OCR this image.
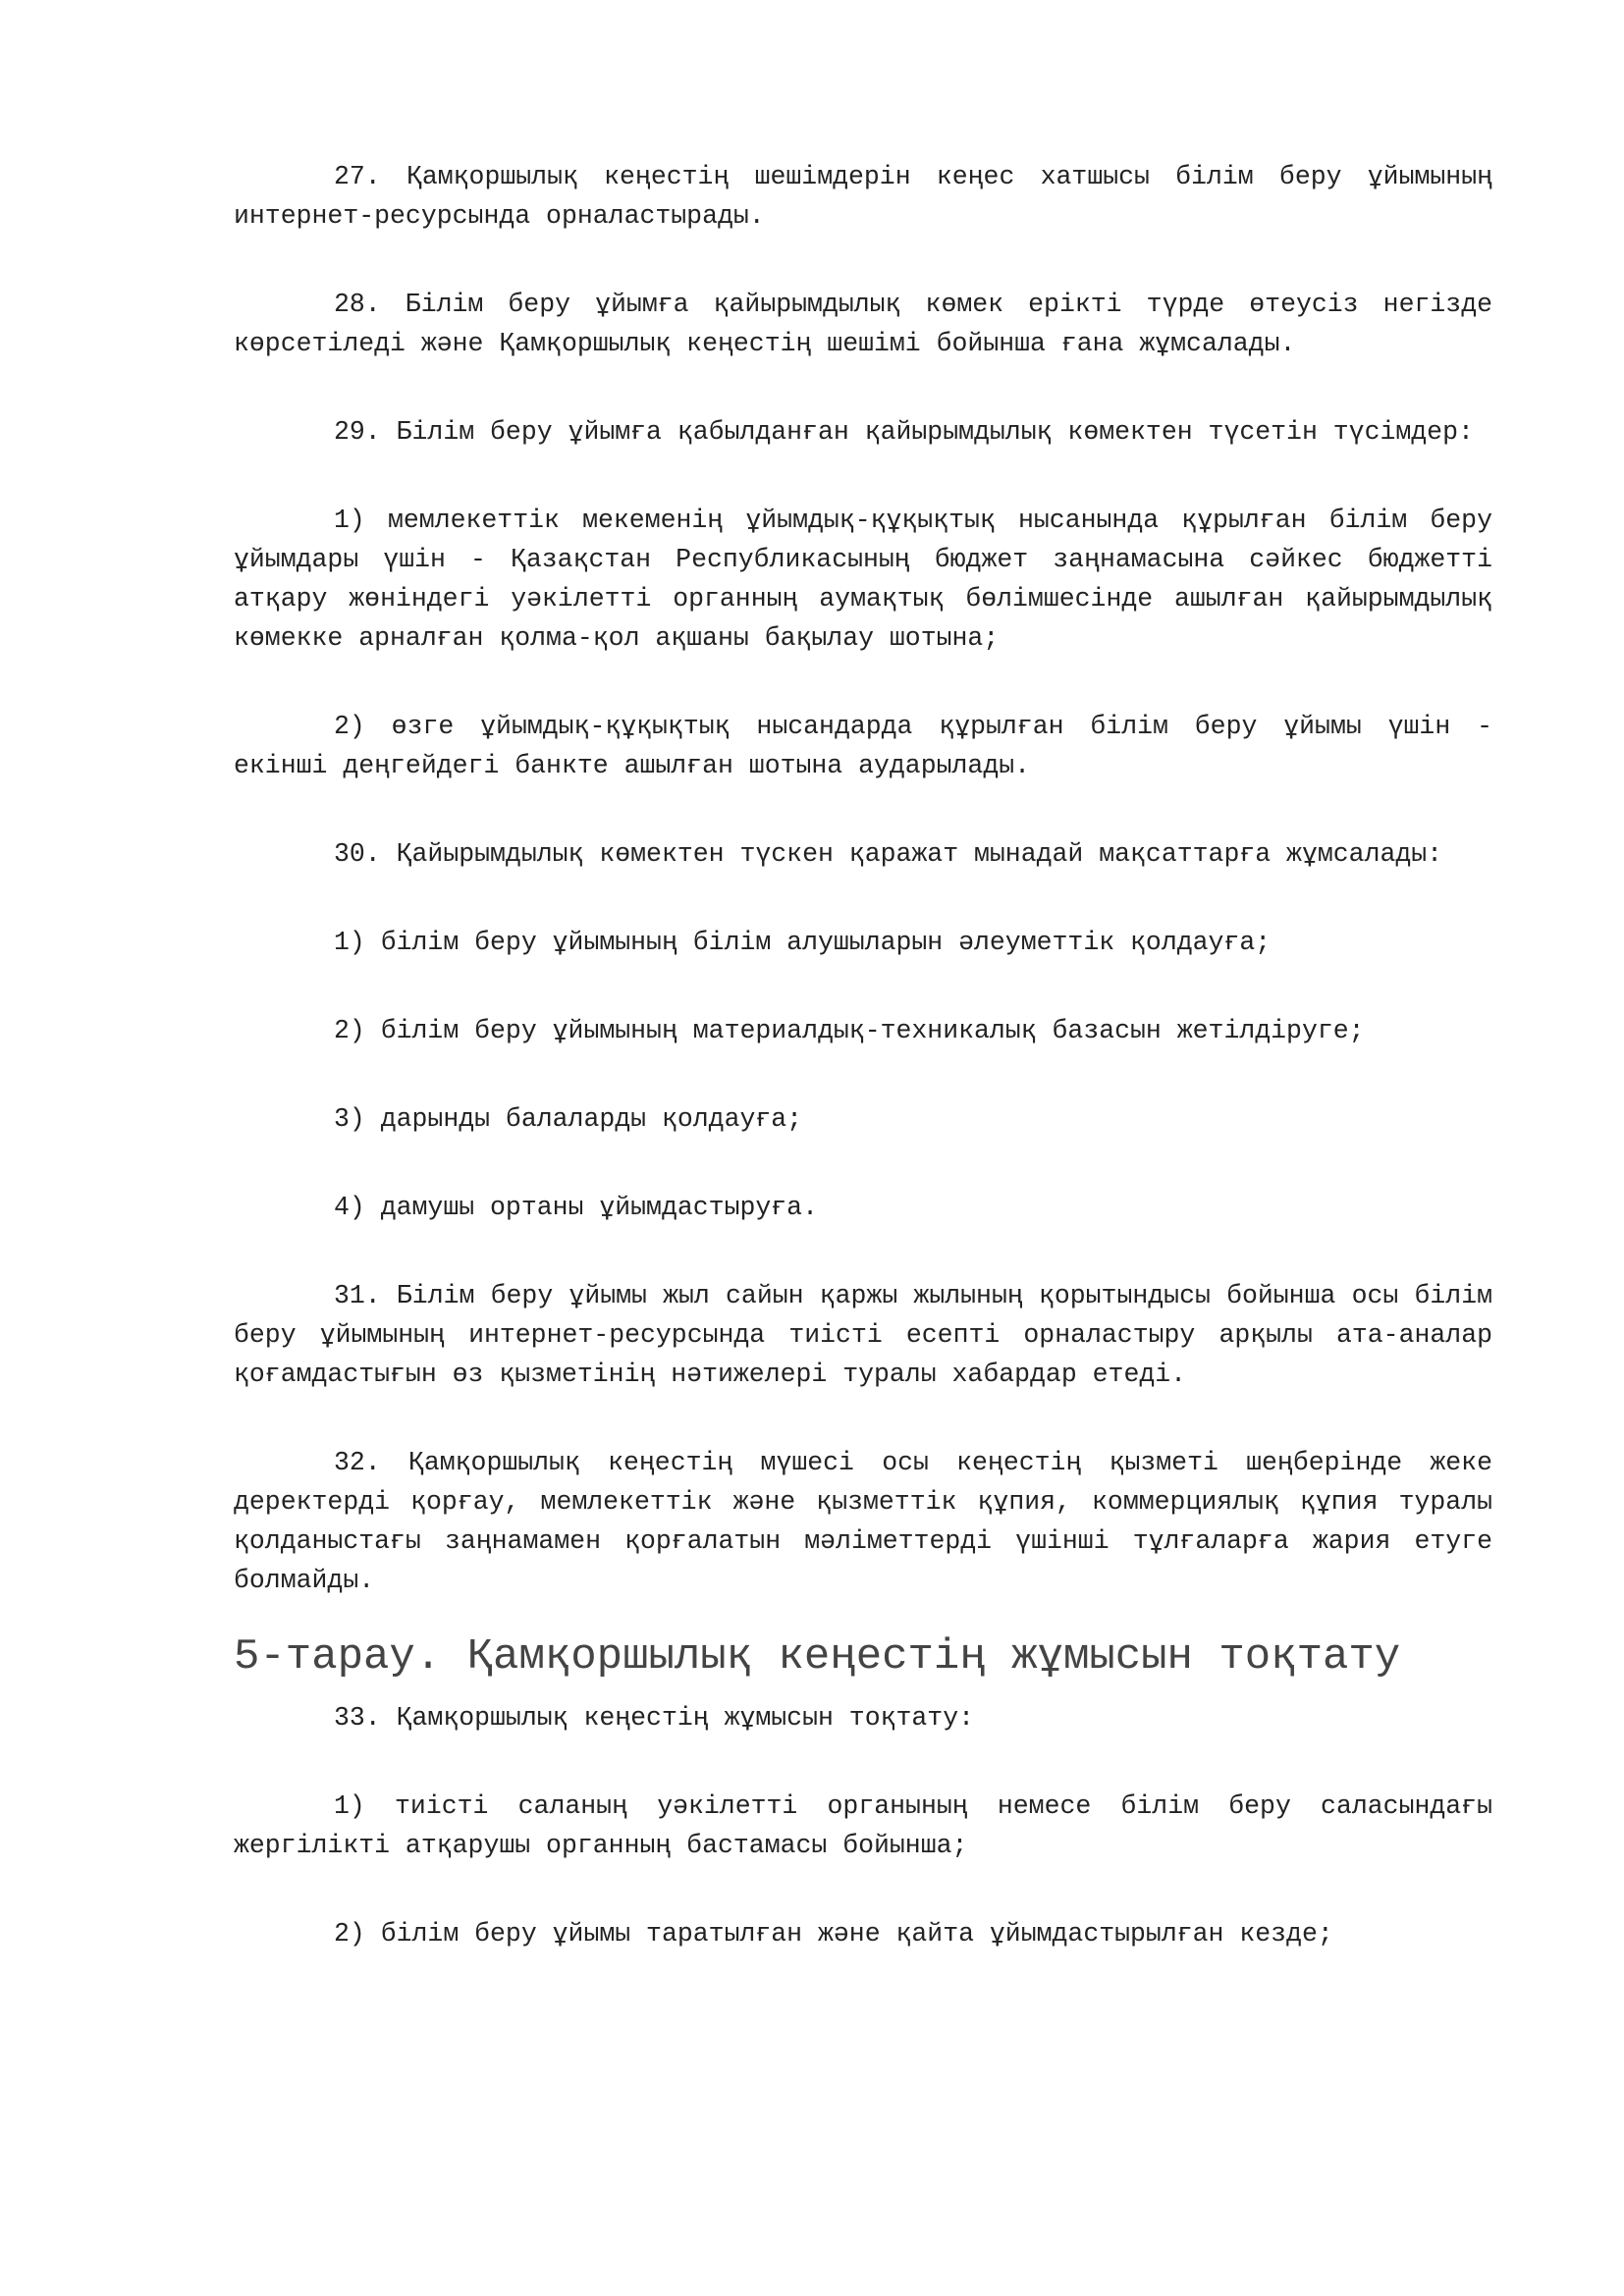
27. Қамқоршылық кеңестің шешімдерін кеңес хатшысы білім беру ұйымының интернет-ресурсында орналастырады.

28. Білім беру ұйымға қайырымдылық көмек ерікті түрде өтеусіз негізде көрсетіледі және Қамқоршылық кеңестің шешімі бойынша ғана жұмсалады.

29. Білім беру ұйымға қабылданған қайырымдылық көмектен түсетін түсімдер:

1) мемлекеттік мекеменің ұйымдық-құқықтық нысанында құрылған білім беру ұйымдары үшін - Қазақстан Республикасының бюджет заңнамасына сәйкес бюджетті атқару жөніндегі уәкілетті органның аумақтық бөлімшесінде ашылған қайырымдылық көмекке арналған қолма-қол ақшаны бақылау шотына;

2) өзге ұйымдық-құқықтық нысандарда құрылған білім беру ұйымы үшін - екінші деңгейдегі банкте ашылған шотына аударылады.

30. Қайырымдылық көмектен түскен қаражат мынадай мақсаттарға жұмсалады:

1) білім беру ұйымының білім алушыларын әлеуметтік қолдауға;

2) білім беру ұйымының материалдық-техникалық базасын жетілдіруге;

3) дарынды балаларды қолдауға;

4) дамушы ортаны ұйымдастыруға.

31. Білім беру ұйымы жыл сайын қаржы жылының қорытындысы бойынша осы білім беру ұйымының интернет-ресурсында тиісті есепті орналастыру арқылы ата-аналар қоғамдастығын өз қызметінің нәтижелері туралы хабардар етеді.

32. Қамқоршылық кеңестің мүшесі осы кеңестің қызметі шеңберінде жеке деректерді қорғау, мемлекеттік және қызметтік құпия, коммерциялық құпия туралы қолданыстағы заңнамамен қорғалатын мәліметтерді үшінші тұлғаларға жария етуге болмайды.

5-тарау. Қамқоршылық кеңестің жұмысын тоқтату

33. Қамқоршылық кеңестің жұмысын тоқтату:

1) тиісті саланың уәкілетті органының немесе білім беру саласындағы жергілікті атқарушы органның бастамасы бойынша;

2) білім беру ұйымы таратылған және қайта ұйымдастырылған кезде;
